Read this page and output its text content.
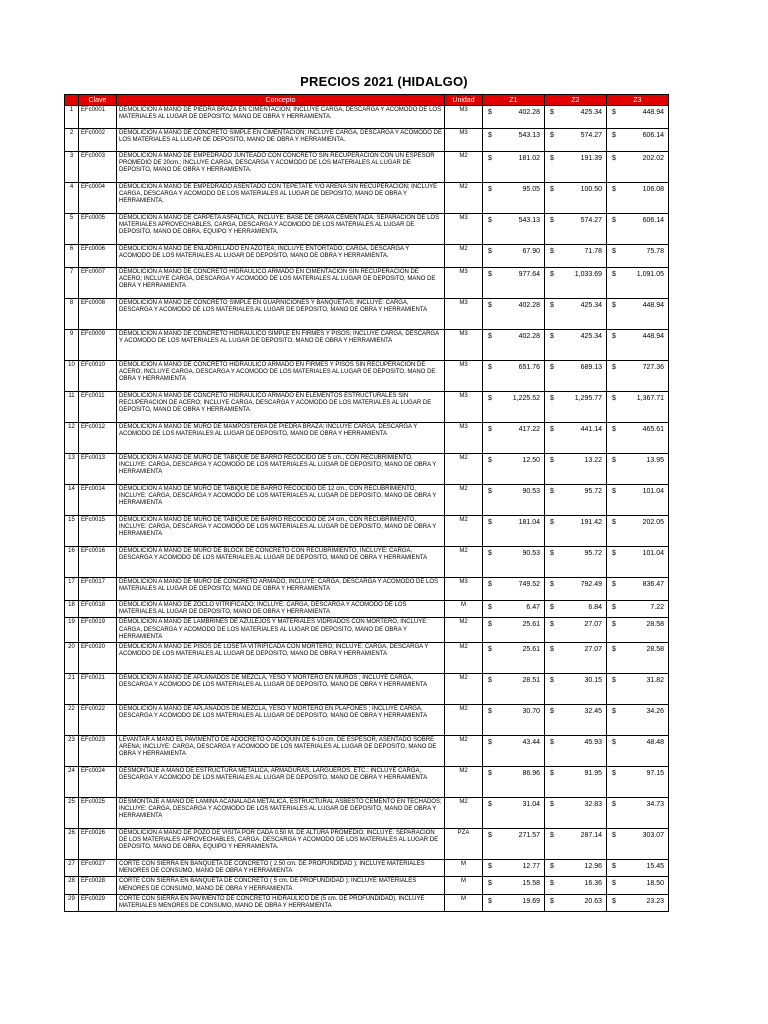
PRECIOS 2021 (HIDALGO)
	Clave	Concepto	Unidad	Z1	Z2	Z3
1	EFc0001	DEMOLICION A MANO DE PIEDRA BRAZA EN CIMENTACION; INCLUYE CARGA, DESCARGA Y ACOMODO DE LOS MATERIALES AL LUGAR DE DEPOSITO, MANO DE OBRA Y HERRAMIENTA.	M3	$ 402.28	$ 425.34	$ 448.94

2	EFc0002	DEMOLICION A MANO DE CONCRETO SIMPLE EN CIMENTACION; INCLUYE CARGA, DESCARGA Y ACOMODO DE LOS MATERIALES AL LUGAR DE DEPOSITO, MANO DE OBRA Y HERRAMIENTA.	M3	$ 543.13	$ 574.27	$ 606.14

3	EFc0003	DEMOLICION A MANO DE EMPEDRADO JUNTEADO CON CONCRETO SIN RECUPERACION CON UN ESPESOR PROMEDIO DE 20cm.; INCLUYE CARGA, DESCARGA Y ACOMODO DE LOS MATERIALES AL LUGAR DE DEPOSITO, MANO DE OBRA Y HERRAMIENTA.	M2	$ 181.02	$ 191.39	$ 202.02

4	EFc0004	DEMOLICION A MANO DE EMPEDRADO ASENTADO CON TEPETATE Y/O ARENA SIN RECUPERACION; INCLUYE CARGA, DESCARGA Y ACOMODO DE LOS MATERIALES AL LUGAR DE DEPOSITO, MANO DE OBRA Y HERRAMIENTA.	M2	$ 95.05	$ 100.50	$ 106.08

5	EFc0005	DEMOLICION A MANO DE CARPETA ASFALTICA, INCLUYE: BASE DE GRAVA CEMENTADA, SEPARACION DE LOS MATERIALES APROVECHABLES, CARGA, DESCARGA Y ACOMODO DE LOS MATERIALES AL LUGAR DE DEPOSITO, MANO DE OBRA, EQUIPO Y HERRAMIENTA.	M3	$ 543.13	$ 574.27	$ 606.14

6	EFc0006	DEMOLICION A MANO DE ENLADRILLADO EN AZOTEA; INCLUYE ENTORTADO; CARGA, DESCARGA Y ACOMODO DE LOS MATERIALES AL LUGAR DE DEPOSITO, MANO DE OBRA Y HERRAMIENTA.	M2	$ 67.90	$ 71.78	$ 75.78

7	EFc0007	DEMOLICION A MANO DE CONCRETO HIDRAULICO ARMADO EN CIMENTACION SIN RECUPERACION DE ACERO; INCLUYE CARGA, DESCARGA Y ACOMODO DE LOS MATERIALES AL LUGAR DE DEPOSITO, MANO DE OBRA Y HERRAMIENTA	M3	$ 977.64	$ 1,033.69	$ 1,091.05

8	EFc0008	DEMOLICION A MANO DE CONCRETO SIMPLE EN GUARNICIONES Y BANQUETAS; INCLUYE: CARGA, DESCARGA Y ACOMODO DE LOS MATERIALES AL LUGAR DE DEPOSITO, MANO DE OBRA Y HERRAMIENTA	M3	$ 402.28	$ 425.34	$ 448.94

9	EFc0009	DEMOLICION A MANO DE CONCRETO HIDRAULICO SIMPLE EN FIRMES Y PISOS; INCLUYE CARGA, DESCARGA Y ACOMODO DE LOS MATERIALES AL LUGAR DE DEPOSITO, MANO DE OBRA Y HERRAMIENTA	M3	$ 402.28	$ 425.34	$ 448.94

10	EFc0010	DEMOLICION A MANO DE CONCRETO HIDRAULICO ARMADO EN FIRMES Y PISOS SIN RECUPERACION DE ACERO; INCLUYE CARGA, DESCARGA Y ACOMODO DE LOS MATERIALES AL LUGAR DE DEPOSITO, MANO DE OBRA Y HERRAMIENTA	M3	$ 651.76	$ 689.13	$ 727.36

11	EFc0011	DEMOLICION A MANO DE CONCRETO HIDRAULICO ARMADO EN ELEMENTOS ESTRUCTURALES SIN RECUPERACION DE ACERO; INCLUYE CARGA, DESCARGA Y ACOMODO DE LOS MATERIALES AL LUGAR DE DEPOSITO, MANO DE OBRA Y HERRAMIENTA	M3	$ 1,225.52	$ 1,295.77	$ 1,367.71

12	EFc0012	DEMOLICION A MANO DE MURO DE MAMPOSTERIA DE PIEDRA BRAZA; INCLUYE CARGA, DESCARGA Y ACOMODO DE LOS MATERIALES AL LUGAR DE DEPOSITO, MANO DE OBRA Y HERRAMIENTA	M3	$ 417.22	$ 441.14	$ 465.61

13	EFc0013	DEMOLICION A MANO DE MURO DE TABIQUE DE BARRO RECOCIDO DE 5 cm., CON RECUBRIMIENTO, INCLUYE: CARGA, DESCARGA Y ACOMODO DE LOS MATERIALES AL LUGAR DE DEPOSITO, MANO DE OBRA Y HERRAMIENTA	M2	$ 12.50	$ 13.22	$ 13.95

14	EFc0014	DEMOLICION A MANO DE MURO DE TABIQUE DE BARRO RECOCIDO DE 12 cm., CON RECUBRIMIENTO, INCLUYE: CARGA, DESCARGA Y ACOMODO DE LOS MATERIALES AL LUGAR DE DEPOSITO, MANO DE OBRA Y HERRAMIENTA	M2	$ 90.53	$ 95.72	$ 101.04

15	EFc0015	DEMOLICION A MANO DE MURO DE TABIQUE DE BARRO RECOCIDO DE 24 cm., CON RECUBRIMIENTO, INCLUYE: CARGA, DESCARGA Y ACOMODO DE LOS MATERIALES AL LUGAR DE DEPOSITO, MANO DE OBRA Y HERRAMIENTA	M2	$ 181.04	$ 191.42	$ 202.05

16	EFc0016	DEMOLICION A MANO DE MURO DE BLOCK DE CONCRETO CON RECUBRIMIENTO, INCLUYE: CARGA, DESCARGA Y ACOMODO DE LOS MATERIALES AL LUGAR DE DEPOSITO, MANO DE OBRA Y HERRAMIENTA	M2	$ 90.53	$ 95.72	$ 101.04

17	EFc0017	DEMOLICION A MANO DE MURO DE CONCRETO ARMADO, INCLUYE: CARGA, DESCARGA Y ACOMODO DE LOS MATERIALES AL LUGAR DE DEPOSITO, MANO DE OBRA Y HERRAMIENTA	M3	$ 749.52	$ 792.49	$ 836.47

18	EFc0018	DEMOLICION A MANO DE ZOCLO VITRIFICADO; INCLUYE: CARGA, DESCARGA Y ACOMODO DE LOS MATERIALES AL LUGAR DE DEPOSITO, MANO DE OBRA Y HERRAMIENTA	M	$ 6.47	$ 6.84	$ 7.22

19	EFc0019	DEMOLICION A MANO DE LAMBRINES DE AZULEJOS Y MATERIALES VIDRIADOS CON MORTERO, INCLUYE: CARGA, DESCARGA Y ACOMODO DE LOS MATERIALES AL LUGAR DE DEPOSITO, MANO DE OBRA Y HERRAMIENTA	M2	$ 25.61	$ 27.07	$ 28.58

20	EFc0020	DEMOLICION A MANO DE PISOS DE LOSETA VITRIFICADA CON MORTERO; INCLUYE: CARGA, DESCARGA Y ACOMODO DE LOS MATERIALES AL LUGAR DE DEPOSITO, MANO DE OBRA Y HERRAMIENTA	M2	$ 25.61	$ 27.07	$ 28.58

21	EFc0021	DEMOLICION A MANO DE APLANADOS DE MEZCLA, YESO Y MORTERO EN MUROS ; INCLUYE CARGA, DESCARGA Y ACOMODO DE LOS MATERIALES AL LUGAR DE DEPOSITO, MANO DE OBRA Y HERRAMIENTA	M2	$ 28.51	$ 30.15	$ 31.82

22	EFc0022	DEMOLICION A MANO DE APLANADOS DE MEZCLA, YESO Y MORTERO EN PLAFONES ; INCLUYE CARGA, DESCARGA Y ACOMODO DE LOS MATERIALES AL LUGAR DE DEPOSITO, MANO DE OBRA Y HERRAMIENTA	M2	$ 30.70	$ 32.45	$ 34.26

23	EFc0023	LEVANTAR A MANO EL PAVIMENTO DE ADOCRETO O ADOQUIN DE 6-10 cm. DE ESPESOR, ASENTADO SOBRE ARENA; INCLUYE: CARGA, DESCARGA Y ACOMODO DE LOS MATERIALES AL LUGAR DE DEPOSITO, MANO DE OBRA Y HERRAMIENTA	M2	$ 43.44	$ 45.93	$ 48.48

24	EFc0024	DESMONTAJE A MANO DE ESTRUCTURA METALICA, ARMADURAS, LARGUEROS, ETC.; INCLUYE CARGA, DESCARGA Y ACOMODO DE LOS MATERIALES AL LUGAR DE DEPOSITO, MANO DE OBRA Y HERRAMIENTA	M2	$ 86.96	$ 91.95	$ 97.15

25	EFc0025	DESMONTAJE A MANO DE LAMINA ACANALADA METALICA, ESTRUCTURAL ASBESTO CEMENTO EN TECHADOS; INCLUYE: CARGA, DESCARGA Y ACOMODO DE LOS MATERIALES AL LUGAR DE DEPOSITO, MANO DE OBRA Y HERRAMIENTA	M2	$ 31.04	$ 32.83	$ 34.73

26	EFc0026	DEMOLICION A MANO DE POZO DE VISITA POR CADA 0.50 M. DE ALTURA PROMEDIO; INCLUYE: SEPARACION DE LOS MATERIALES APROVECHABLES, CARGA, DESCARGA Y ACOMODO DE LOS MATERIALES AL LUGAR DE DEPOSITO, MANO DE OBRA, EQUIPO Y HERRAMIENTA.	PZA	$ 271.57	$ 287.14	$ 303.07

27	EFc0027	CORTE CON SIERRA EN BANQUETA DE CONCRETO ( 2.50 cm. DE PROFUNDIDAD ); INCLUYE MATERIALES MENORES DE CONSUMO, MANO DE OBRA Y HERRAMIENTA	M	$ 12.77	$ 12.96	$ 15.45

28	EFc0028	CORTE CON SIERRA EN BANQUETA DE CONCRETO ( 5 cm. DE PROFUNDIDAD ); INCLUYE MATERIALES MENORES DE CONSUMO, MANO DE OBRA Y HERRAMIENTA	M	$ 15.58	$ 16.36	$ 18.50

29	EFc0029	CORTE CON SIERRA EN PAVIMENTO DE CONCRETO HIDRAULICO DE (5 cm. DE PROFUNDIDAD). INCLUYE MATERIALES MENORES DE CONSUMO, MANO DE OBRA Y HERRAMIENTA	M	$ 19.69	$ 20.63	$ 23.23
